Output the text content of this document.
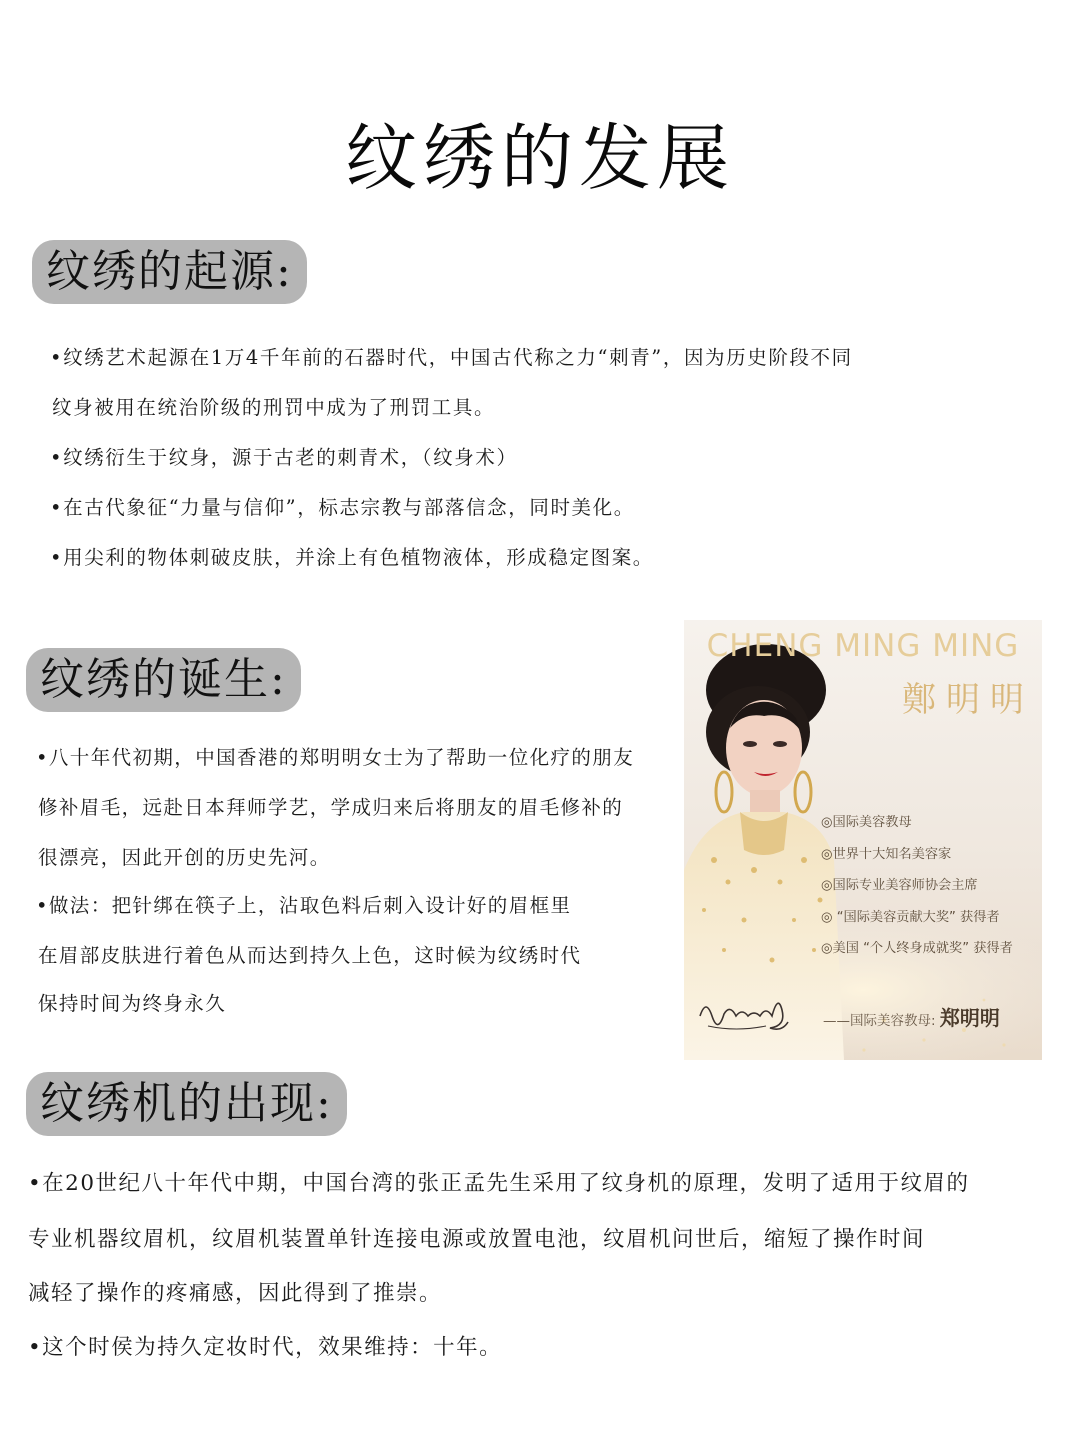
纹绣的发展
纹绣的起源:
•纹绣艺术起源在1万4千年前的石器时代，中国古代称之力“刺青”，因为历史阶段不同
纹身被用在统治阶级的刑罚中成为了刑罚工具。
•纹绣衍生于纹身，源于古老的刺青术，（纹身术）
•在古代象征“力量与信仰”，标志宗教与部落信念，同时美化。
•用尖利的物体刺破皮肤，并涂上有色植物液体，形成稳定图案。
纹绣的诞生:
•八十年代初期，中国香港的郑明明女士为了帮助一位化疗的朋友
修补眉毛，远赴日本拜师学艺，学成归来后将朋友的眉毛修补的
很漂亮，因此开创的历史先河。
•做法：把针绑在筷子上，沾取色料后刺入设计好的眉框里
在眉部皮肤进行着色从而达到持久上色，这时候为纹绣时代
保持时间为终身永久
CHENG MING MING
鄭明明
◎国际美容教母
◎世界十大知名美容家
◎国际专业美容师协会主席
◎ “国际美容贡献大奖” 获得者
◎美国 “个人终身成就奖” 获得者
——国际美容教母: 郑明明
纹绣机的出现:
•在20世纪八十年代中期，中国台湾的张正孟先生采用了纹身机的原理，发明了适用于纹眉的
专业机器纹眉机，纹眉机装置单针连接电源或放置电池，纹眉机问世后，缩短了操作时间
减轻了操作的疼痛感，因此得到了推崇。
•这个时侯为持久定妆时代，效果维持：十年。
